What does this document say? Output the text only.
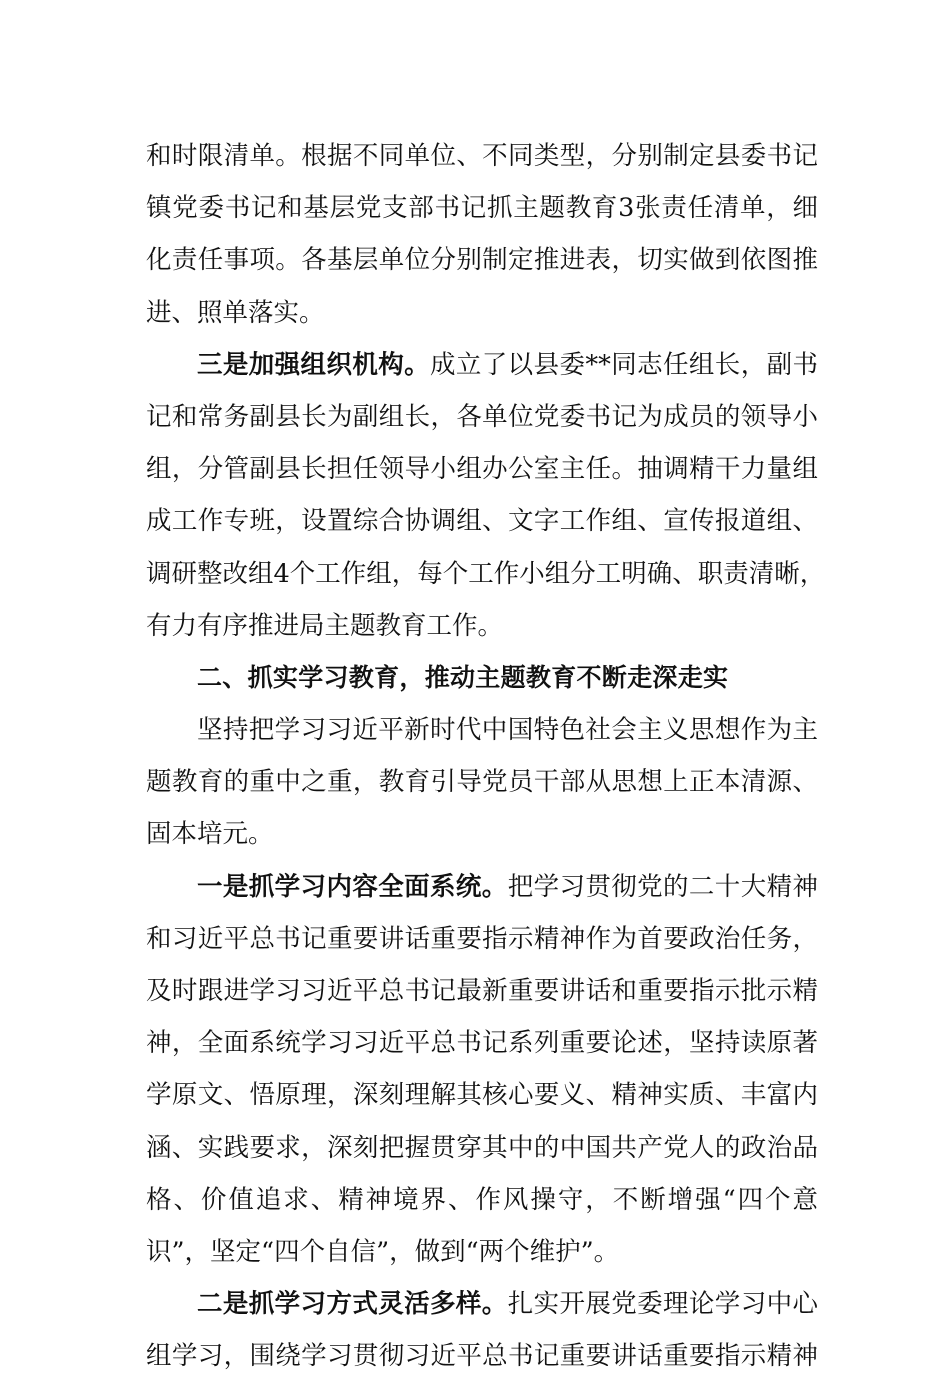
和时限清单。根据不同单位、不同类型，分别制定县委书记
镇党委书记和基层党支部书记抓主题教育3张责任清单，细
化责任事项。各基层单位分别制定推进表，切实做到依图推
进、照单落实。
三是加强组织机构。成立了以县委**同志任组长，副书
记和常务副县长为副组长，各单位党委书记为成员的领导小
组，分管副县长担任领导小组办公室主任。抽调精干力量组
成工作专班，设置综合协调组、文字工作组、宣传报道组、
调研整改组4个工作组，每个工作小组分工明确、职责清晰，
有力有序推进局主题教育工作。
二、抓实学习教育，推动主题教育不断走深走实
坚持把学习习近平新时代中国特色社会主义思想作为主
题教育的重中之重，教育引导党员干部从思想上正本清源、
固本培元。
一是抓学习内容全面系统。把学习贯彻党的二十大精神
和习近平总书记重要讲话重要指示精神作为首要政治任务，
及时跟进学习习近平总书记最新重要讲话和重要指示批示精
神，全面系统学习习近平总书记系列重要论述，坚持读原著
学原文、悟原理，深刻理解其核心要义、精神实质、丰富内
涵、实践要求，深刻把握贯穿其中的中国共产党人的政治品
格、价值追求、精神境界、作风操守，不断增强“四个意
识”，坚定“四个自信”，做到“两个维护”。
二是抓学习方式灵活多样。扎实开展党委理论学习中心
组学习，围绕学习贯彻习近平总书记重要讲话重要指示精神
